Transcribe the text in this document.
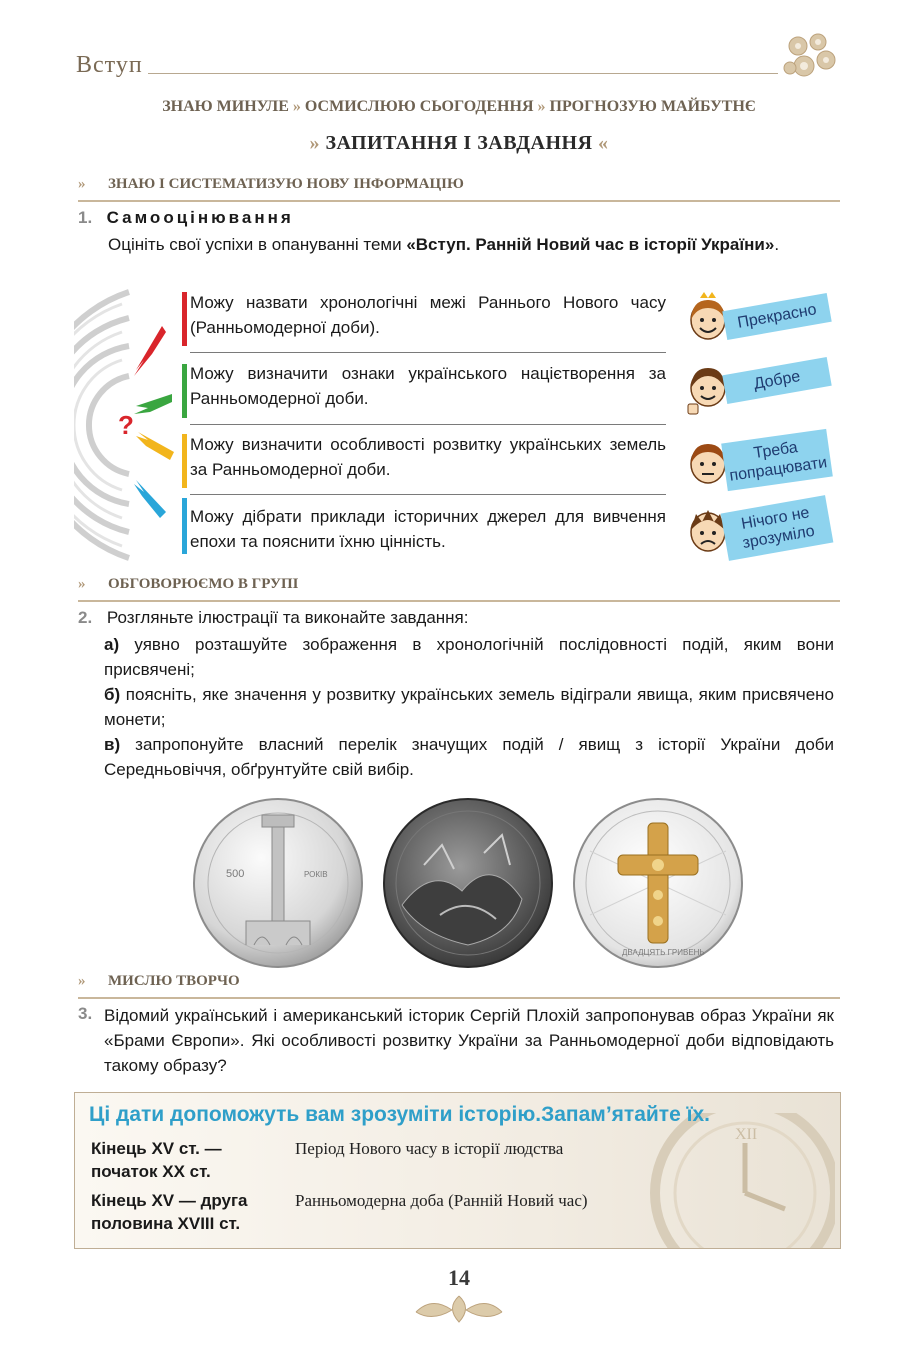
Вступ
ЗНАЮ МИНУЛЕ » ОСМИСЛЮЮ СЬОГОДЕННЯ » ПРОГНОЗУЮ МАЙБУТНЄ
» ЗАПИТАННЯ І ЗАВДАННЯ «
» ЗНАЮ І СИСТЕМАТИЗУЮ НОВУ ІНФОРМАЦІЮ
1. Самооцінювання
Оцініть свої успіхи в опануванні теми «Вступ. Ранній Новий час в історії України».
?
Можу назвати хронологічні межі Раннього Нового часу (Ранньомодерної доби).
Можу визначити ознаки українського націєтворення за Ранньомодерної доби.
Можу визначити особливості розвитку українських земель за Ранньомодерної доби.
Можу дібрати приклади історичних джерел для вивчення епохи та пояснити їхню цінність.
Прекрасно
Добре
Треба попрацювати
Нічого не зрозуміло
» ОБГОВОРЮЄМО В ГРУПІ
2. Розгляньте ілюстрації та виконайте завдання:
а) уявно розташуйте зображення в хронологічній послідовності подій, яким вони присвячені;
б) поясніть, яке значення у розвитку українських земель відіграли явища, яким присвячено монети;
в) запропонуйте власний перелік значущих подій / явищ з історії України доби Середньовіччя, обґрунтуйте свій вибір.
500	РОКІВ
ДВАДЦЯТЬ ГРИВЕНЬ
» МИСЛЮ ТВОРЧО
3. Відомий український і американський історик Сергій Плохій запропонував образ України як «Брами Європи». Які особливості розвитку України за Ранньомодерної доби відповідають такому образу?
XII
Ці дати допоможуть вам зрозуміти історію.Запам’ятайте їх.
Кінець XV ст. —
початок XX ст.
Період Нового часу в історії людства
Кінець XV — друга
половина XVIII ст.
Ранньомодерна доба (Ранній Новий час)
14
